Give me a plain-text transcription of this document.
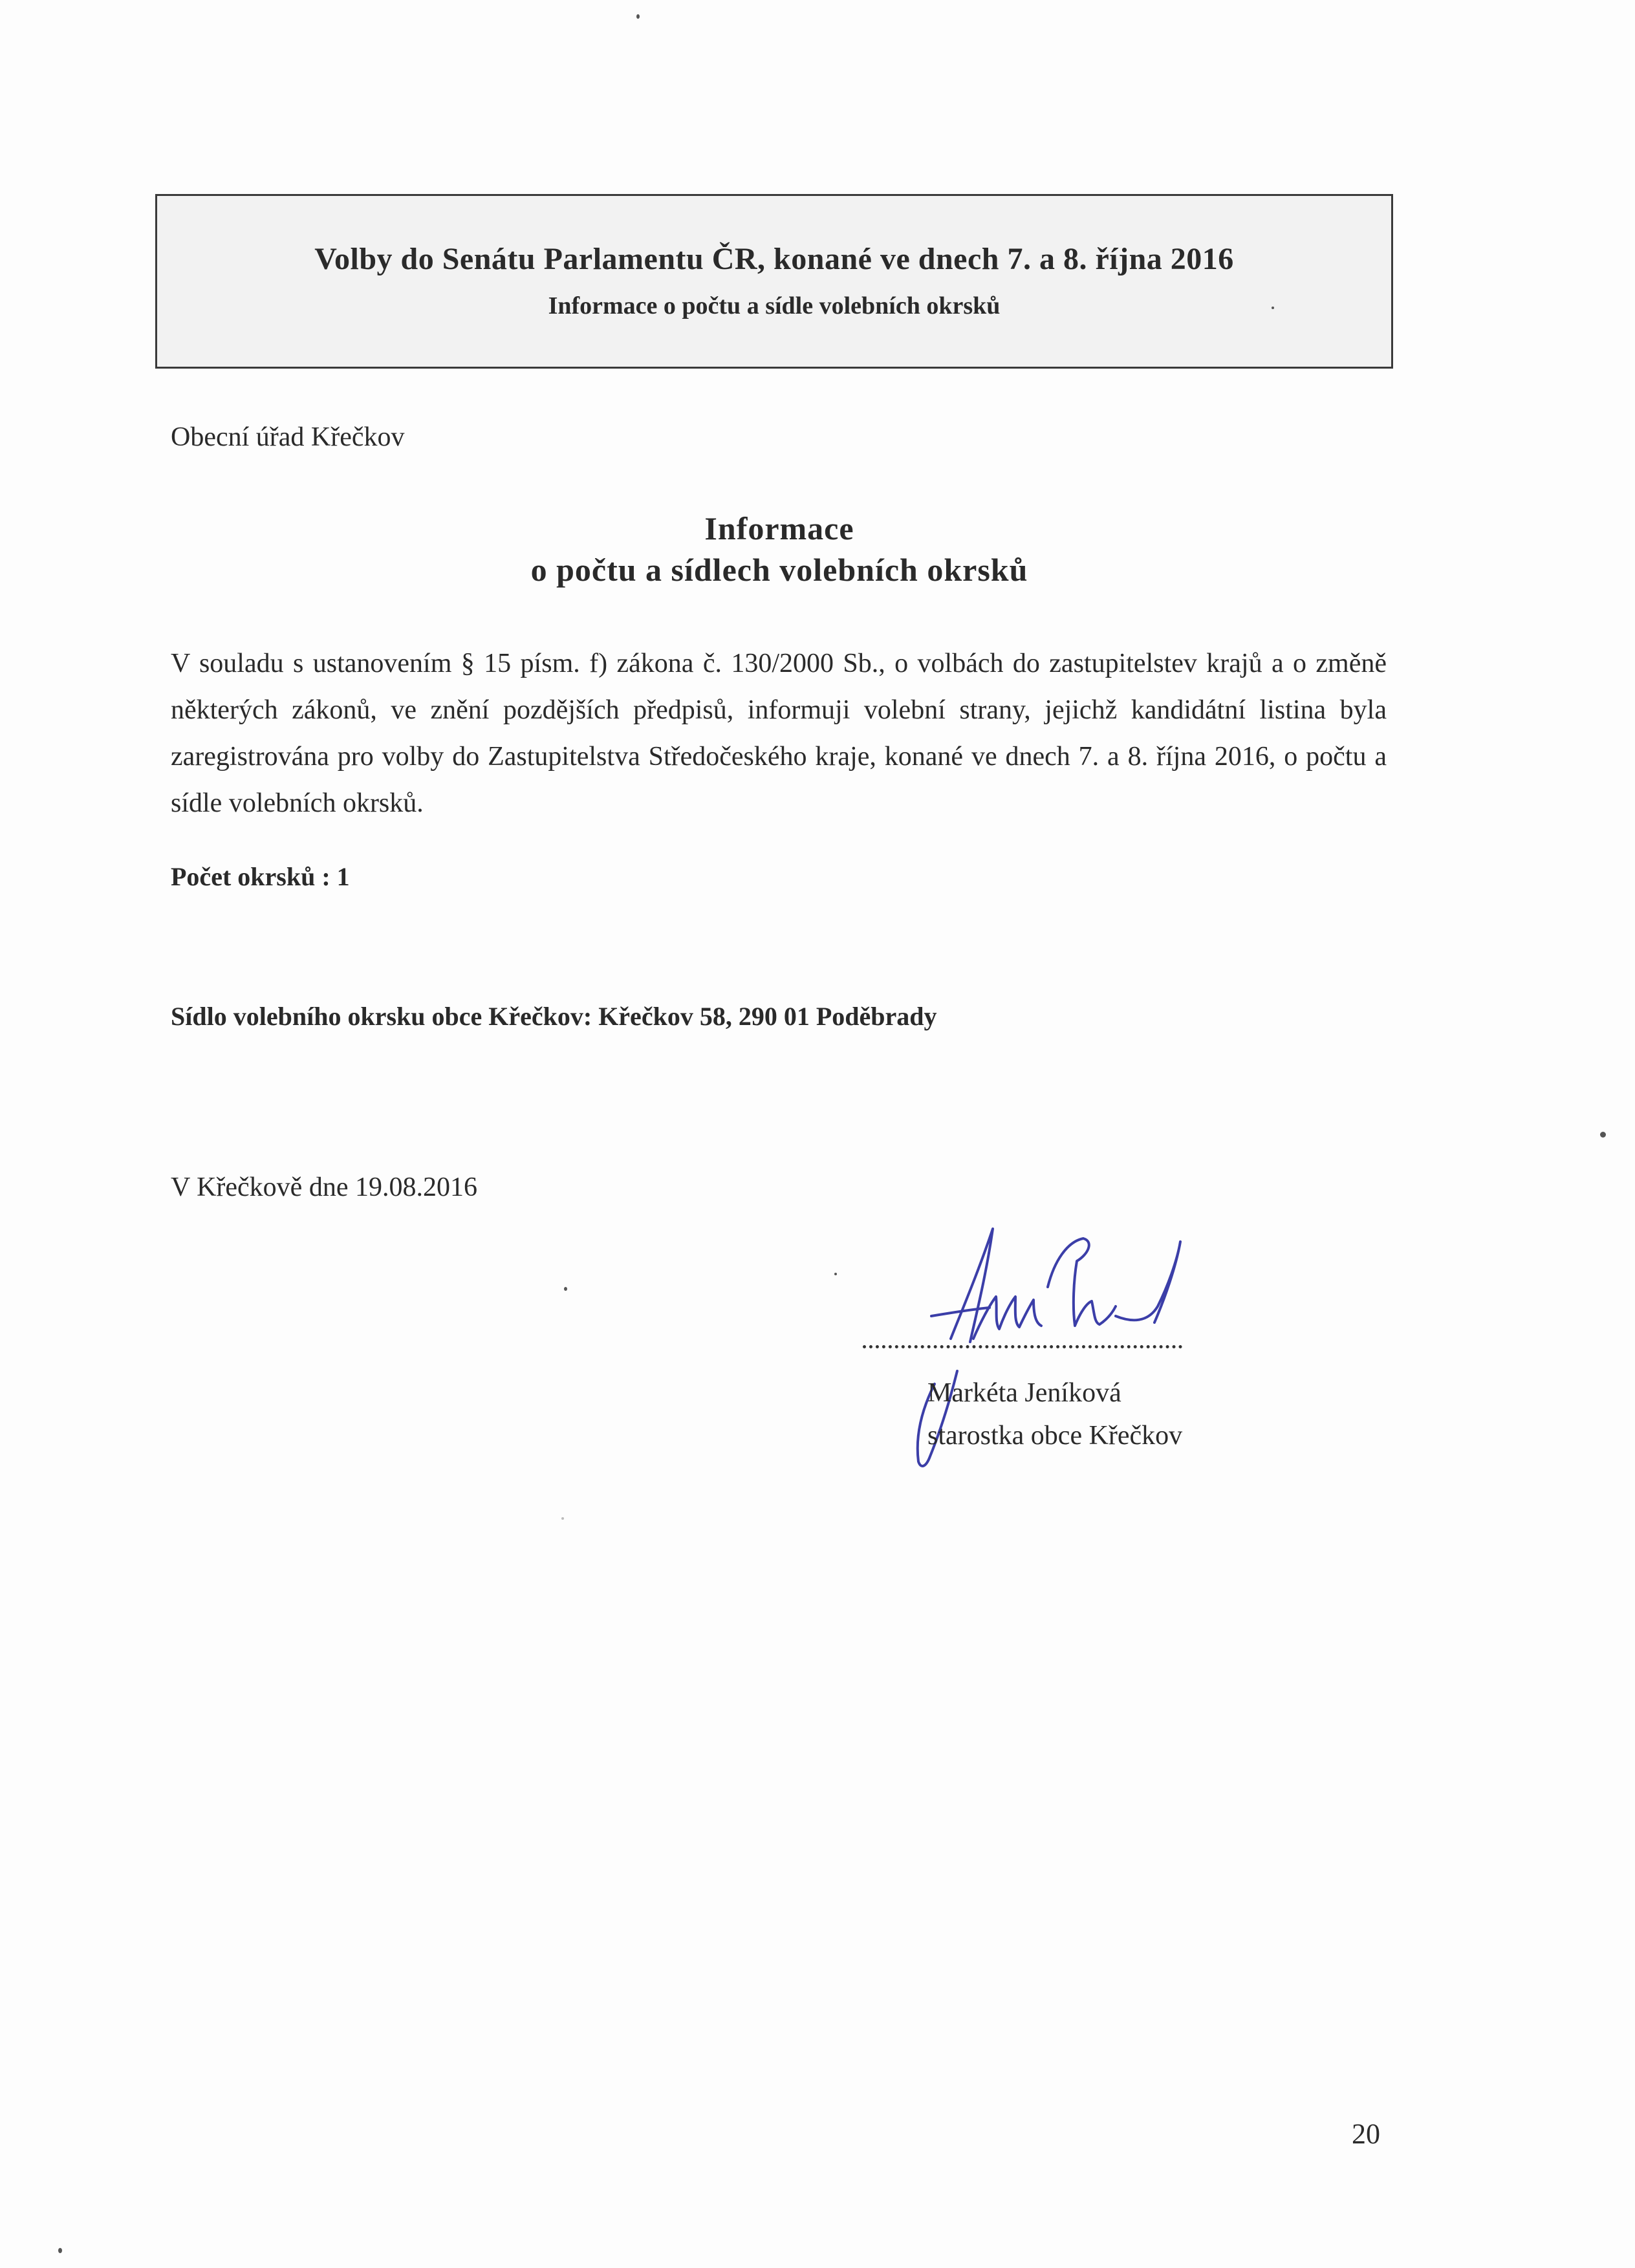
Volby do Senátu Parlamentu ČR, konané ve dnech 7. a 8. října 2016
Informace o počtu a sídle volebních okrsků
Obecní úřad Křečkov
Informace
o počtu a sídlech volebních okrsků
V souladu s ustanovením § 15 písm. f) zákona č. 130/2000 Sb., o volbách do zastupitelstev krajů a o změně některých zákonů, ve znění pozdějších předpisů, informuji volební strany, jejichž kandidátní listina byla zaregistrována pro volby do Zastupitelstva Středočeského kraje, konané ve dnech 7. a 8. října 2016, o počtu a sídle volebních okrsků.
Počet okrsků : 1
Sídlo volebního okrsku obce Křečkov: Křečkov 58, 290 01 Poděbrady
V Křečkově dne 19.08.2016
Markéta Jeníková
starostka obce Křečkov
20
